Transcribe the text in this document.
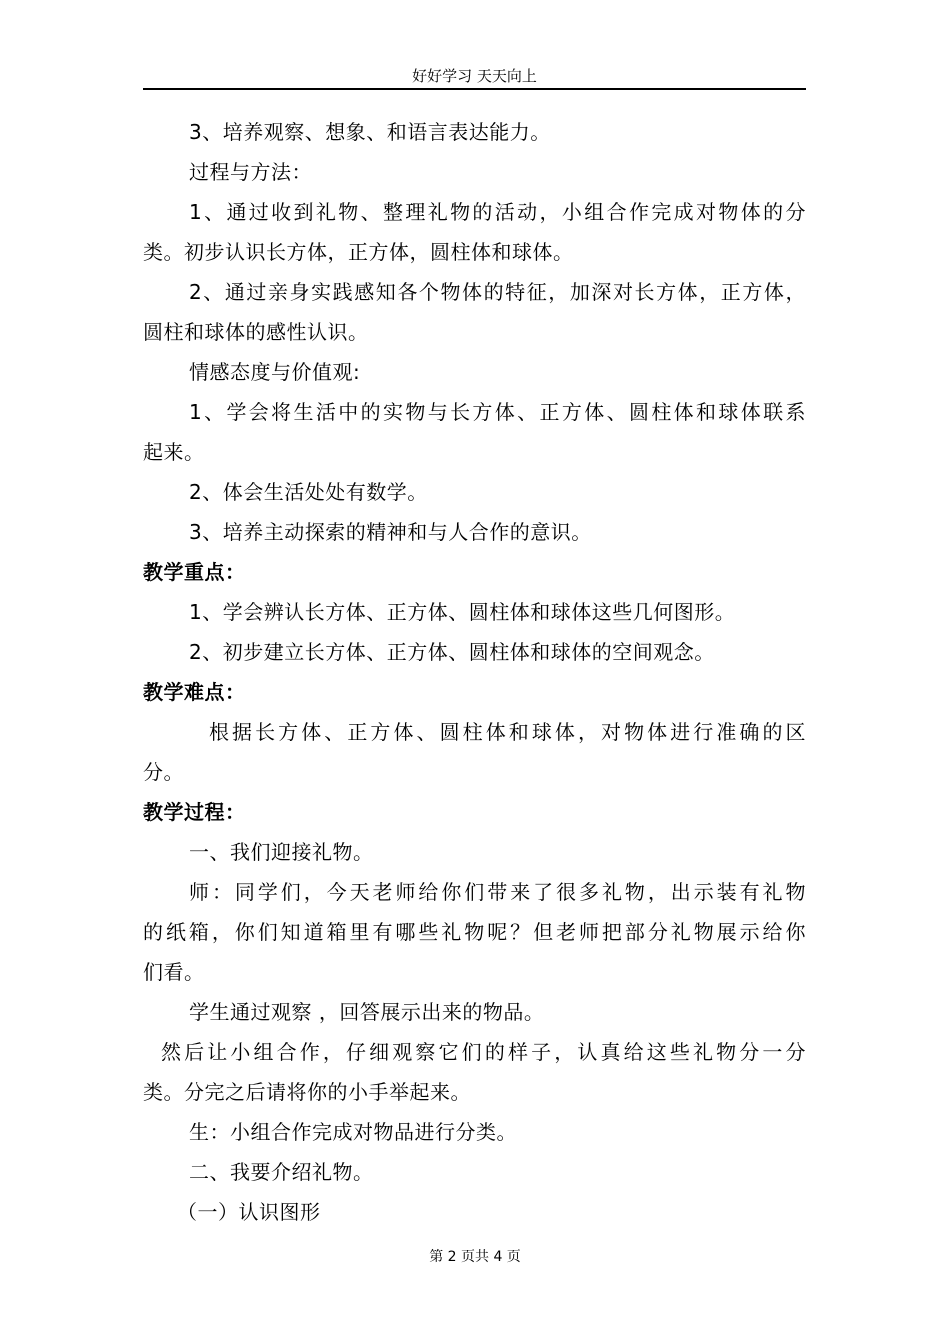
好好学习 天天向上
3、培养观察、想象、和语言表达能力。
过程与方法：
1、通过收到礼物、整理礼物的活动，小组合作完成对物体的分
类。初步认识长方体，正方体，圆柱体和球体。
2、通过亲身实践感知各个物体的特征，加深对长方体，正方体，
圆柱和球体的感性认识。
情感态度与价值观:
1、学会将生活中的实物与长方体、正方体、圆柱体和球体联系
起来。
2、体会生活处处有数学。
3、培养主动探索的精神和与人合作的意识。
教学重点：
1、学会辨认长方体、正方体、圆柱体和球体这些几何图形。
2、初步建立长方体、正方体、圆柱体和球体的空间观念。
教学难点：
根据长方体、正方体、圆柱体和球体，对物体进行准确的区
分。
教学过程：
一、我们迎接礼物。
师：同学们，今天老师给你们带来了很多礼物，出示装有礼物
的纸箱，你们知道箱里有哪些礼物呢？但老师把部分礼物展示给你
们看。
学生通过观察 ，回答展示出来的物品。
然后让小组合作，仔细观察它们的样子，认真给这些礼物分一分
类。分完之后请将你的小手举起来。
生：小组合作完成对物品进行分类。
二、我要介绍礼物。
（一）认识图形
第 2 页共 4 页
